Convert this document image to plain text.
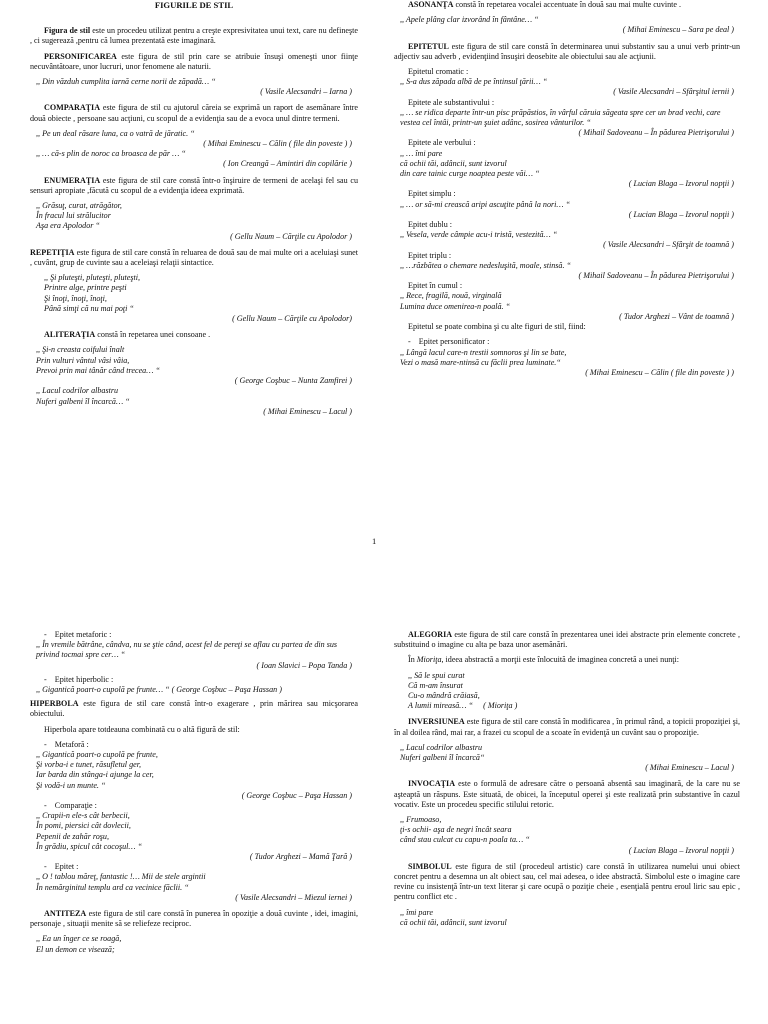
FIGURILE DE STIL

Figura de stil este un procedeu utilizat pentru a creşte expresivitatea unui text, care nu defineşte , ci sugerează ,pentru că lumea prezentată este imaginară.

PERSONIFICAREA este figura de stil prin care se atribuie însuşi omeneşti unor fiinţe necuvântătoare, unor lucruri, unor fenomene ale naturii.

,, Din văzduh cumplita iarnă cerne norii de zăpadă… “
( Vasile Alecsandri – Iarna )

COMPARAŢIA este figura de stil cu ajutorul căreia se exprimă un raport de asemănare între două obiecte , persoane sau acţiuni, cu scopul de a evidenţia sau de a evoca unul dintre termeni.

,, Pe un deal răsare luna, ca o vatră de jăratic. “
( Mihai Eminescu – Călin ( file din poveste ) )
,, … că-s plin de noroc ca broasca de păr … “
( Ion Creangă – Amintiri din copilărie )

ENUMERAŢIA este figura de stil care constă într-o înşiruire de termeni de acelaşi fel sau cu sensuri apropiate ,făcută cu scopul de a evidenţia ideea exprimată.

,, Grăsuţ, curat, atrăgător,
În fracul lui strălucitor
Aşa era Apolodor “
( Gellu Naum – Cărţile cu Apolodor )

REPETIŢIA este figura de stil care constă în reluarea de două sau de mai multe ori a aceluiaşi sunet , cuvânt, grup de cuvinte sau a aceleiaşi relaţii sintactice.

,, Şi pluteşti, pluteşti, pluteşti,
Printre alge, printre peşti
Şi înoţi, înoţi, înoţi,
Până simţi că nu mai poţi “
( Gellu Naum – Cărţile cu Apolodor)

ALITERAŢIA constă în repetarea unei consoane .

,, Şi-n creasta coifului înalt
Prin vulturi vântul vâsi vâia,
Prevoi prin mai tânăr când trecea… “
( George Coşbuc – Nunta Zamfirei )
,, Lacul codrilor albastru
Nuferi galbeni îl încarcă… “
( Mihai Eminescu – Lacul )

ASONANŢA constă în repetarea vocalei accentuate în două sau mai multe cuvinte .

,, Apele plâng clar izvorând în fântâne… “
( Mihai Eminescu – Sara pe deal )

EPITETUL este figura de stil care constă în determinarea unui substantiv sau a unui verb printr-un adjectiv sau adverb , evidenţiind însuşiri deosebite ale obiectului sau ale acţiunii.

Epitetul cromatic :
,, S-a dus zăpada albă de pe întinsul ţării… “
( Vasile Alecsandri – Sfârşitul iernii )
Epitete ale substantivului :
,, … se ridica departe într-un pisc prăpăstios, în vârful căruia săgeata spre cer un brad vechi, care vestea cel întâi, printr-un şuiet adânc, sosirea vânturilor. “
( Mihail Sadoveanu – În pădurea Pietrişorului )
Epitete ale verbului :
,, … îmi pare
că ochii tăi, adâncii, sunt izvorul
din care tainic curge noaptea peste văi… “
( Lucian Blaga – Izvorul nopţii )
Epitet simplu :
,, … or să-mi crească aripi ascuţite până la nori… “
( Lucian Blaga – Izvorul nopţii )
Epitet dublu :
,, Vesela, verde câmpie acu-i tristă, vestezită… “
( Vasile Alecsandri – Sfârşit de toamnă )
Epitet triplu :
,, …răzbătea o chemare nedesluşită, moale, stinsă. “
( Mihail Sadoveanu – În pădurea Pietrişorului )
Epitet în cumul :
,, Rece, fragilă, nouă, virginală
Lumina duce omenirea-n poală. “
( Tudor Arghezi – Vânt de toamnă )

Epitetul se poate combina şi cu alte figuri de stil, fiind:

-    Epitet personificator :
,, Lângă lacul care-n trestii somnoros şi lin se bate,
Vezi o masă mare-ntinsă cu făclii prea luminate.“
( Mihai Eminescu – Călin ( file din poveste ) )
1
-    Epitet metaforic :
,, În vremile bătrâne, cândva, nu se ştie când, acest fel de pereţi se aflau cu partea de din sus privind tocmai spre cer… “
( Ioan Slavici – Popa Tanda )
-    Epitet hiperbolic :
,, Gigantică poart-o cupolă pe frunte… “ ( George Coşbuc – Paşa Hassan )

HIPERBOLA este figura de stil care constă într-o exagerare , prin mărirea sau micşorarea obiectului.

Hiperbola apare totdeauna combinată cu o altă figură de stil:

-    Metaforă :
,, Gigantică poart-o cupolă pe frunte,
Şi vorba-i e tunet, răsufletul ger,
Iar barda din stânga-i ajunge la cer,
Şi vodă-i un munte. “
( George Coşbuc – Paşa Hassan )
-    Comparaţie :
,, Crapii-n ele-s cât berbecii,
În pomi, piersici cât dovlecii,
Pepenii de zahăr roşu,
În grădiu, spicul cât cocoşul… “
( Tudor Arghezi – Mamă Ţară )
-    Epitet :
,, O ! tablou măreţ, fantastic !… Mii de stele argintii
În nemărginitul templu ard ca vecinice făclii. “
( Vasile Alecsandri – Miezul iernei )

ANTITEZA este figura de stil care constă în punerea în opoziţie a două cuvinte , idei, imagini, personaje , situaţii menite să se reliefeze reciproc.

,, Ea un înger ce se roagă,
El un demon ce visează;

ALEGORIA este figura de stil care constă în prezentarea unei idei abstracte prin elemente concrete , substituind o imagine cu alta pe baza unor asemănări.

În Mioriţa, ideea abstractă a morţii este înlocuită de imaginea concretă a unei nunţi:

,, Să le spui curat
Că m-am însurat
Cu-o mândră crăiasă,
A lumii mireasă… “ ( Mioriţa )

INVERSIUNEA este figura de stil care constă în modificarea , în primul rând, a topicii propoziţiei şi, în al doilea rând, mai rar, a frazei cu scopul de a scoate în evidenţă un cuvânt sau o propoziţie.

,, Lacul codrilor albastru
Nuferi galbeni îl încarcă“
( Mihai Eminescu – Lacul )

INVOCAŢIA este o formulă de adresare către o persoană absentă sau imaginară, de la care nu se aşteaptă un răspuns. Este situată, de obicei, la începutul operei şi este realizată prin substantive în cazul vocativ. Este un procedeu specific stilului retoric.

,, Frumoaso,
ţi-s ochii- aşa de negri încât seara
când stau culcat cu capu-n poala ta… “
( Lucian Blaga – Izvorul nopţii )

SIMBOLUL este figura de stil (procedeul artistic) care constă în utilizarea numelui unui obiect concret pentru a desemna un alt obiect sau, cel mai adesea, o idee abstractă. Simbolul este o imagine care revine cu insistenţă într-un text literar şi care ocupă o poziţie cheie , esenţială pentru eroul liric sau epic , pentru conflict etc .

,, îmi pare
că ochii tăi, adâncii, sunt izvorul
